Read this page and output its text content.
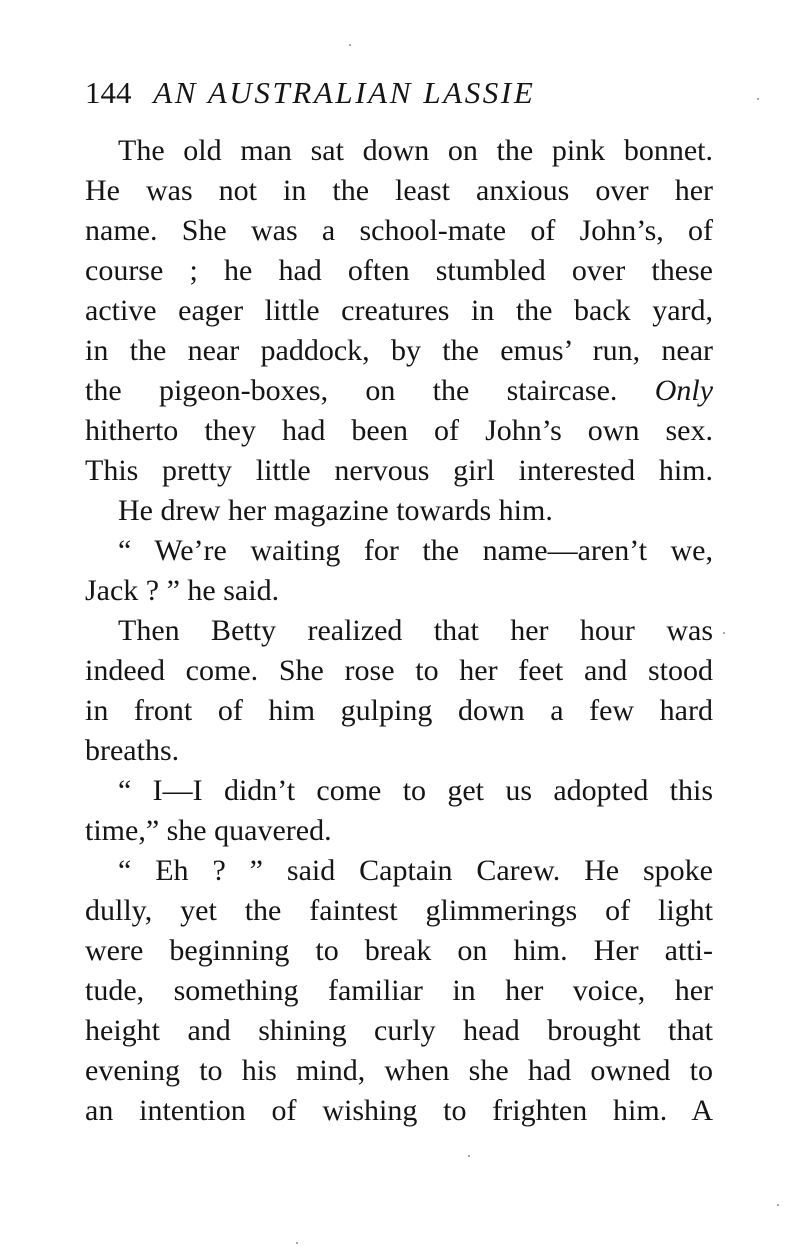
144 AN AUSTRALIAN LASSIE
The old man sat down on the pink bonnet.
He was not in the least anxious over her
name. She was a school-mate of John’s, of
course ; he had often stumbled over these
active eager little creatures in the back yard,
in the near paddock, by the emus’ run, near
the pigeon-boxes, on the staircase. Only
hitherto they had been of John’s own sex.
This pretty little nervous girl interested him.
He drew her magazine towards him.
“ We’re waiting for the name—aren’t we,
Jack ? ” he said.
Then Betty realized that her hour was
indeed come. She rose to her feet and stood
in front of him gulping down a few hard
breaths.
“ I—I didn’t come to get us adopted this
time,” she quavered.
“ Eh ? ” said Captain Carew. He spoke
dully, yet the faintest glimmerings of light
were beginning to break on him. Her atti-
tude, something familiar in her voice, her
height and shining curly head brought that
evening to his mind, when she had owned to
an intention of wishing to frighten him. A
